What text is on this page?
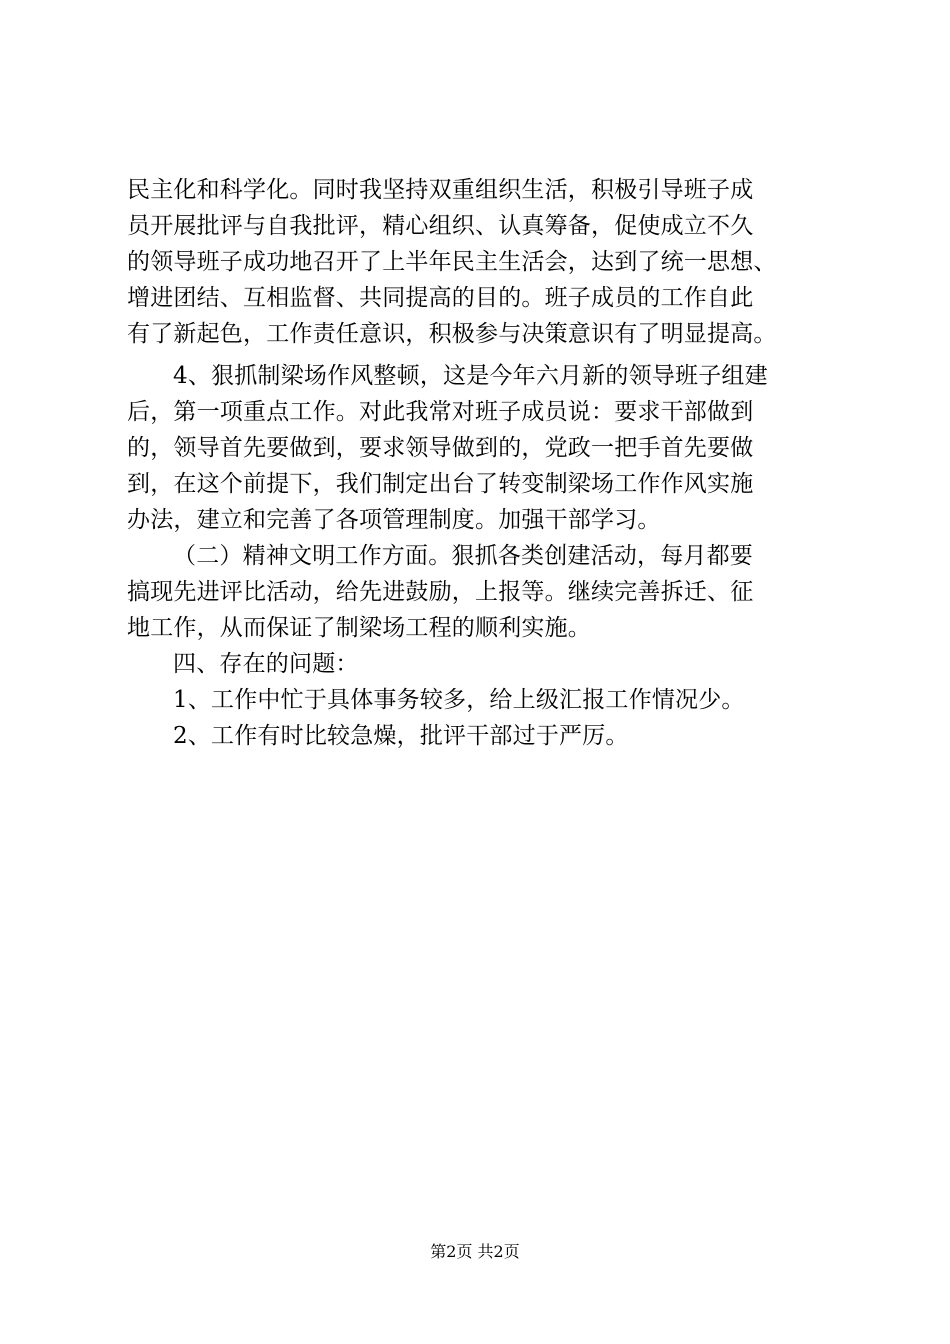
民主化和科学化。同时我坚持双重组织生活，积极引导班子成
员开展批评与自我批评，精心组织、认真筹备，促使成立不久
的领导班子成功地召开了上半年民主生活会，达到了统一思想、
增进团结、互相监督、共同提高的目的。班子成员的工作自此
有了新起色，工作责任意识，积极参与决策意识有了明显提高。
4、狠抓制梁场作风整顿，这是今年六月新的领导班子组建
后，第一项重点工作。对此我常对班子成员说：要求干部做到
的，领导首先要做到，要求领导做到的，党政一把手首先要做
到，在这个前提下，我们制定出台了转变制梁场工作作风实施
办法，建立和完善了各项管理制度。加强干部学习。
（二）精神文明工作方面。狠抓各类创建活动，每月都要
搞现先进评比活动，给先进鼓励，上报等。继续完善拆迁、征
地工作，从而保证了制梁场工程的顺利实施。
四、存在的问题：
1、工作中忙于具体事务较多，给上级汇报工作情况少。
2、工作有时比较急燥，批评干部过于严厉。
第2页 共2页
